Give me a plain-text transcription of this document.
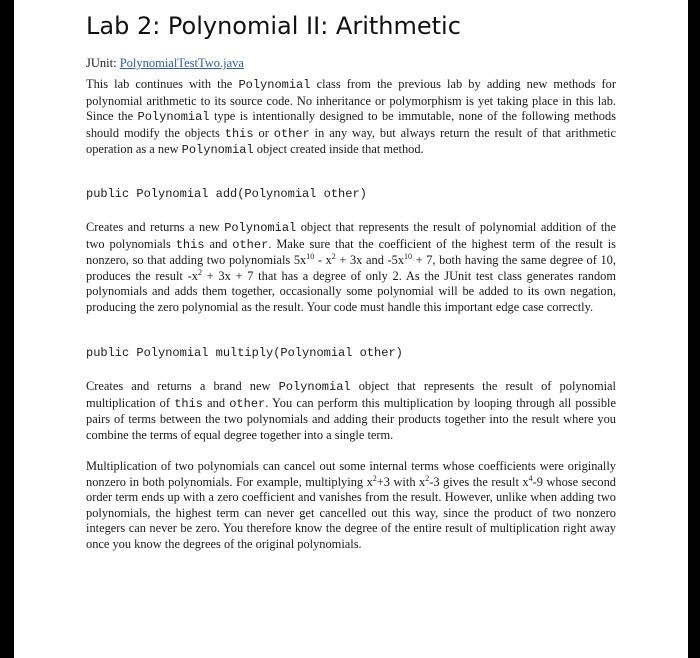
Lab 2: Polynomial II: Arithmetic
JUnit: PolynomialTestTwo.java

This lab continues with the Polynomial class from the previous lab by adding new methods for polynomial arithmetic to its source code. No inheritance or polymorphism is yet taking place in this lab. Since the Polynomial type is intentionally designed to be immutable, none of the following methods should modify the objects this or other in any way, but always return the result of that arithmetic operation as a new Polynomial object created inside that method.

public Polynomial add(Polynomial other)

Creates and returns a new Polynomial object that represents the result of polynomial addition of the two polynomials this and other. Make sure that the coefficient of the highest term of the result is nonzero, so that adding two polynomials $5x^{10} - x^2 + 3x$ and $-5x^{10} + 7$, both having the same degree of 10, produces the result $-x^2 + 3x + 7$ that has a degree of only 2. As the JUnit test class generates random polynomials and adds them together, occasionally some polynomial will be added to its own negation, producing the zero polynomial as the result. Your code must handle this important edge case correctly.

public Polynomial multiply(Polynomial other)

Creates and returns a brand new Polynomial object that represents the result of polynomial multiplication of this and other. You can perform this multiplication by looping through all possible pairs of terms between the two polynomials and adding their products together into the result where you combine the terms of equal degree together into a single term.

Multiplication of two polynomials can cancel out some internal terms whose coefficients were originally nonzero in both polynomials. For example, multiplying $x^2+3$ with $x^2-3$ gives the result $x^4-9$ whose second order term ends up with a zero coefficient and vanishes from the result. However, unlike when adding two polynomials, the highest term can never get cancelled out this way, since the product of two nonzero integers can never be zero. You therefore know the degree of the entire result of multiplication right away once you know the degrees of the original polynomials.
